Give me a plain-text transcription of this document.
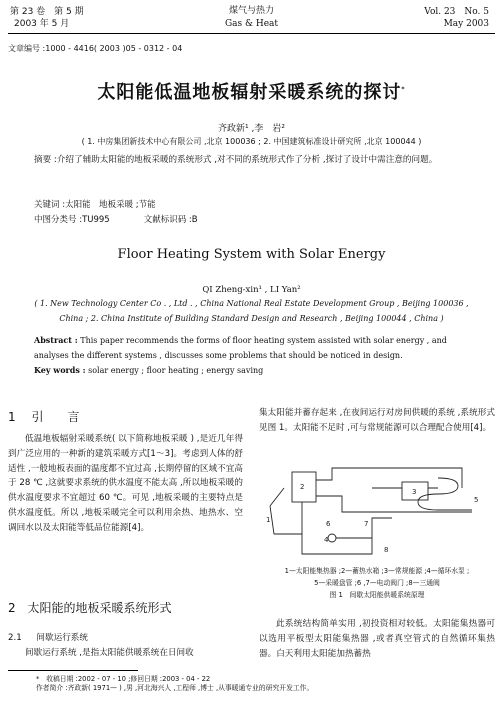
第 23 卷　第 5 期
2003 年 5 月
煤气与热力
Gas & Heat
Vol. 23　No. 5
May 2003
文章编号 :1000 - 4416( 2003 )05 - 0312 - 04
太阳能低温地板辐射采暖系统的探讨*
齐政新¹ ,李　岩²
( 1. 中房集团新技术中心有限公司 ,北京 100036 ; 2. 中国建筑标准设计研究所 ,北京 100044 )
摘要 :介绍了辅助太阳能的地板采暖的系统形式 ,对不同的系统形式作了分析 ,探讨了设计中需注意的问题。
关键词 :太阳能　地板采暖 ;节能
中图分类号 :TU995　　　　文献标识码 :B
Floor Heating System with Solar Energy
QI Zheng-xin¹ , LI Yan²
( 1. New Technology Center Co . , Ltd . , China National Real Estate Development Group , Beijing 100036 ,
China ; 2. China Institute of Building Standard Design and Research , Beijing 100044 , China )
Abstract : This paper recommends the forms of floor heating system assisted with solar energy , and analyses the different systems , discusses some problems that should be noticed in design.
Key words : solar energy ; floor heating ; energy saving
1 引　　言
低温地板辐射采暖系统( 以下简称地板采暖 ) ,是近几年得到广泛应用的一种新的建筑采暖方式[1～3]。考虑到人体的舒适性 ,一般地板表面的温度都不宜过高 ,长期停留的区域不宜高于 28 ℃ ,这就要求系统的供水温度不能太高 ,所以地板采暖的供水温度要求不宜超过 60 ℃。可见 ,地板采暖的主要特点是供水温度低。所以 ,地板采暖完全可以利用余热、地热水、空调回水以及太阳能等低品位能源[4]。
2 太阳能的地板采暖系统形式
2.1 间歇运行系统
间歇运行系统 ,是指太阳能供暖系统在日间收
集太阳能并蓄存起来 ,在夜间运行对房间供暖的系统 ,系统形式见图 1。太阳能不足时 ,可与常规能源可以合理配合使用[4]。
1
2
3
4
5
6	7
8
1—太阳能集热器 ;2—蓄热水箱 ;3—常规能源 ;4—循环水泵 ;
5—采暖盘管 ;6 ,7—电动阀门 ;8—三通阀
图 1　间歇太阳能供暖系统原理
此系统结构简单实用 ,初投资相对较低。太阳能集热器可以选用平板型太阳能集热器 ,或者真空管式的自然循环集热器。白天利用太阳能加热蓄热
*　 收稿日期 :2002 - 07 - 10 ;修回日期 :2003 - 04 - 22
作者简介 :齐政新( 1971— ) ,男 ,河北海兴人 ,工程师 ,博士 ,从事暖通专业的研究开发工作。
